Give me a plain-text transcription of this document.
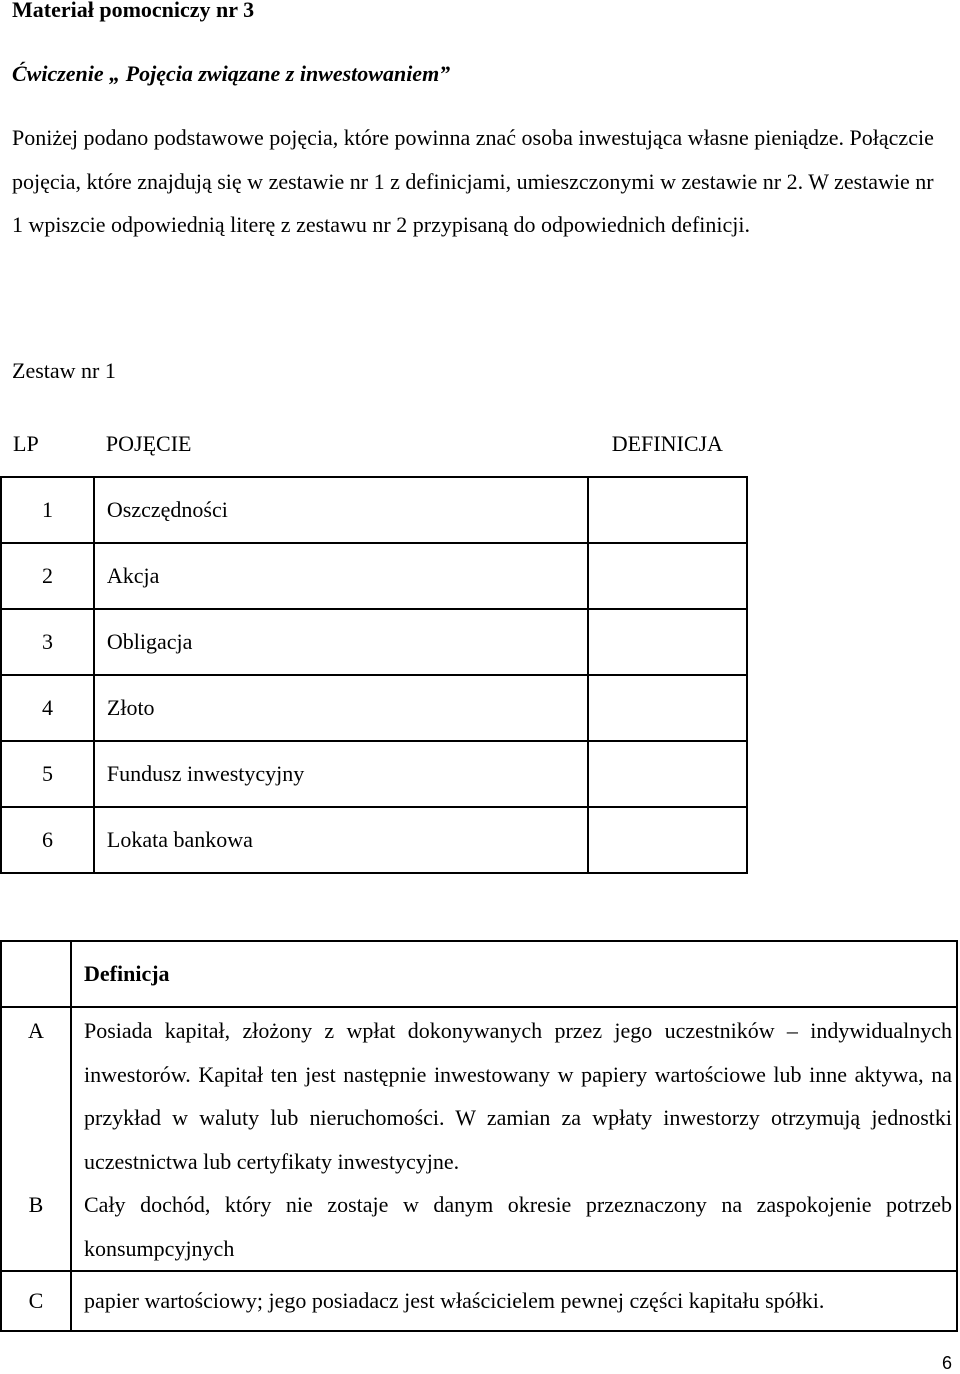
Materiał pomocniczy nr 3
Ćwiczenie „ Pojęcia związane z inwestowaniem”

Poniżej podano podstawowe pojęcia, które powinna znać osoba inwestująca własne pieniądze. Połączcie pojęcia, które znajdują się w zestawie nr 1 z definicjami, umieszczonymi w zestawie nr 2. W zestawie nr 1 wpiszcie odpowiednią literę z zestawu nr 2 przypisaną do odpowiednich definicji.

Zestaw nr 1
LP	POJĘCIE	DEFINICJA
1	Oszczędności	
2	Akcja	
3	Obligacja	
4	Złoto	
5	Fundusz inwestycyjny	
6	Lokata bankowa	
	Definicja

A	Posiada kapitał, złożony z wpłat dokonywanych przez jego uczestników – indywidualnych inwestorów. Kapitał ten jest następnie inwestowany w papiery wartościowe lub inne aktywa, na przykład w waluty lub nieruchomości. W zamian za wpłaty inwestorzy otrzymują jednostki uczestnictwa lub certyfikaty inwestycyjne.

B	Cały dochód, który nie zostaje w danym okresie przeznaczony na zaspokojenie potrzeb konsumpcyjnych

C	papier wartościowy; jego posiadacz jest właścicielem pewnej części kapitału spółki.
6
